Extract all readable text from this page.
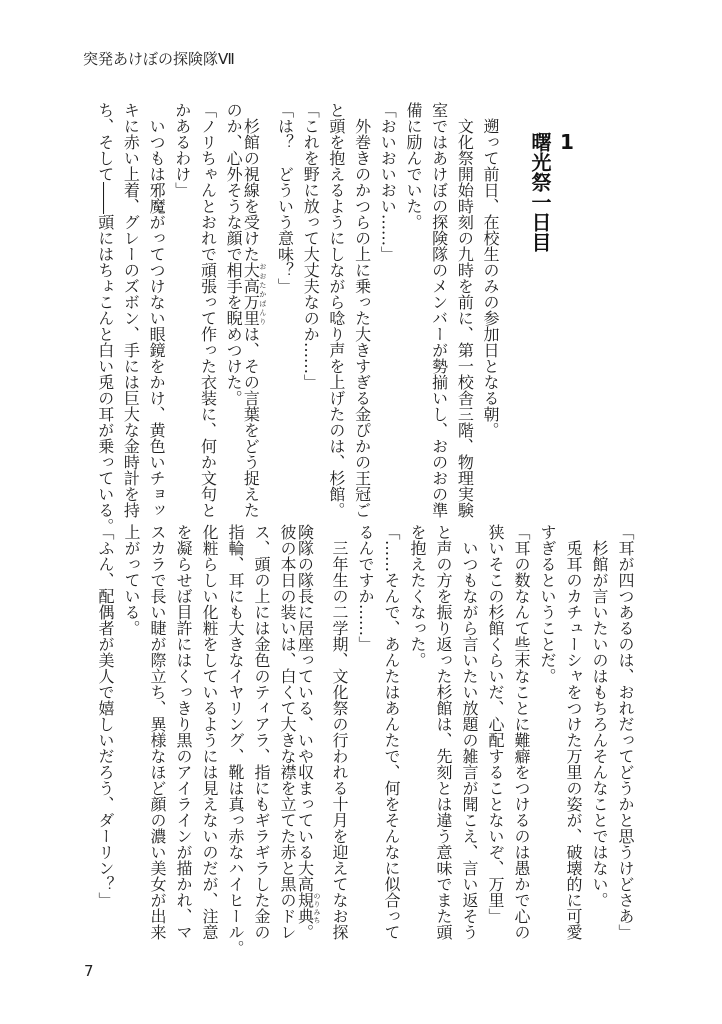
突発あけぼの探険隊Ⅶ
1
曙光祭一日目
　遡って前日、在校生のみの参加日となる朝。
　文化祭開始時刻の九時を前に、第一校舎三階、物理実験
室ではあけぼの探険隊のメンバーが勢揃いし、おのおの準
備に励んでいた。
「おいおいおい……」
　外巻きのかつらの上に乗った大きすぎる金ぴかの王冠ご
と頭を抱えるようにしながら唸り声を上げたのは、杉館。
「これを野に放って大丈夫なのか……」
「は？　どういう意味？」
　杉館の視線を受けた大高万里おおたかばんりは、その言葉をどう捉えた
のか、心外そうな顔で相手を睨めつけた。
「ノリちゃんとおれで頑張って作った衣装に、何か文句と
かあるわけ」
　いつもは邪魔がってつけない眼鏡をかけ、黄色いチョッ
キに赤い上着、グレーのズボン、手には巨大な金時計を持
ち、そして――頭にはちょこんと白い兎の耳が乗っている。
「耳が四つあるのは、おれだってどうかと思うけどさあ」
　杉館が言いたいのはもちろんそんなことではない。
　兎耳のカチューシャをつけた万里の姿が、破壊的に可愛
すぎるということだ。
「耳の数なんて些末なことに難癖をつけるのは愚かで心の
狭いそこの杉館くらいだ、心配することないぞ、万里」
　いつもながら言いたい放題の雑言が聞こえ、言い返そう
と声の方を振り返った杉館は、先刻とは違う意味でまた頭
を抱えたくなった。
「……そんで、あんたはあんたで、何をそんなに似合って
るんですか……」
　三年生の二学期、文化祭の行われる十月を迎えてなお探
険隊の隊長に居座っている、いや収まっている大高規典のりみち。
彼の本日の装いは、白くて大きな襟を立てた赤と黒のドレ
ス、頭の上には金色のティアラ、指にもギラギラした金の
指輪、耳にも大きなイヤリング、靴は真っ赤なハイヒール。
化粧らしい化粧をしているようには見えないのだが、注意
を凝らせば目許にはくっきり黒のアイラインが描かれ、マ
スカラで長い睫が際立ち、異様なほど顔の濃い美女が出来
上がっている。
「ふん、配偶者が美人で嬉しいだろう、ダーリン？」
7
